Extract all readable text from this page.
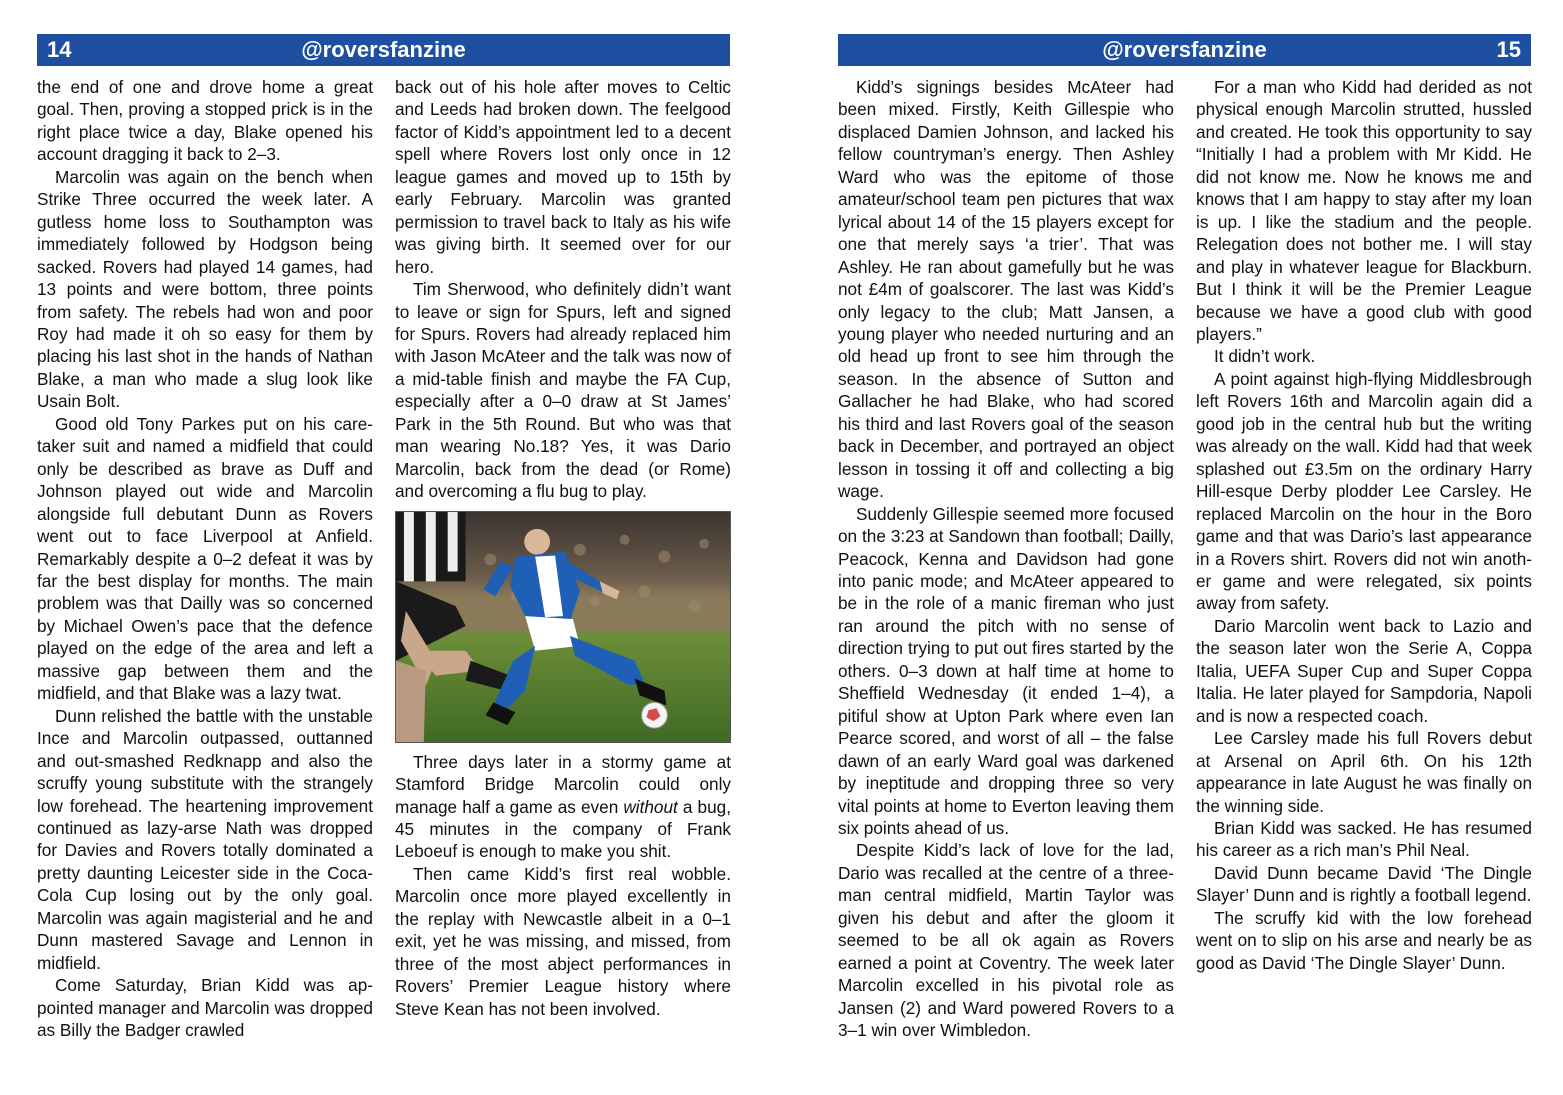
14	@roversfanzine	@roversfanzine	15

the end of one and drove home a great goal. Then, proving a stopped prick is in the right place twice a day, Blake opened his account dragging it back to 2–3.

Marcolin was again on the bench when Strike Three occurred the week later. A gutless home loss to Southampton was immediately followed by Hodgson being sacked. Rovers had played 14 games, had 13 points and were bottom, three points from safety. The rebels had won and poor Roy had made it oh so easy for them by placing his last shot in the hands of Nathan Blake, a man who made a slug look like Usain Bolt.

Good old Tony Parkes put on his caretaker suit and named a midfield that could only be described as brave as Duff and Johnson played out wide and Marcolin alongside full debutant Dunn as Rovers went out to face Liverpool at Anfield. Remarkably despite a 0–2 defeat it was by far the best display for months. The main problem was that Dailly was so concerned by Michael Owen’s pace that the defence played on the edge of the area and left a massive gap between them and the midfield, and that Blake was a lazy twat.

Dunn relished the battle with the unstable Ince and Marcolin outpassed, outtanned and out-smashed Redknapp and also the scruffy young substitute with the strangely low forehead. The heartening improvement continued as lazy-arse Nath was dropped for Davies and Rovers totally dominated a pretty daunting Leicester side in the Coca-Cola Cup losing out by the only goal. Marcolin was again magisterial and he and Dunn mastered Savage and Lennon in midfield.

Come Saturday, Brian Kidd was appointed manager and Marcolin was dropped as Billy the Badger crawled

back out of his hole after moves to Celtic and Leeds had broken down. The feelgood factor of Kidd’s appointment led to a decent spell where Rovers lost only once in 12 league games and moved up to 15th by early February. Marcolin was granted permission to travel back to Italy as his wife was giving birth. It seemed over for our hero.

Tim Sherwood, who definitely didn’t want to leave or sign for Spurs, left and signed for Spurs. Rovers had already replaced him with Jason McAteer and the talk was now of a mid-table finish and maybe the FA Cup, especially after a 0–0 draw at St James’ Park in the 5th Round. But who was that man wearing No.18? Yes, it was Dario Marcolin, back from the dead (or Rome) and overcoming a flu bug to play.

Three days later in a stormy game at Stamford Bridge Marcolin could only manage half a game as even without a bug, 45 minutes in the company of Frank Leboeuf is enough to make you shit.

Then came Kidd’s first real wobble. Marcolin once more played excellently in the replay with Newcastle albeit in a 0–1 exit, yet he was missing, and missed, from three of the most abject performances in Rovers’ Premier League history where Steve Kean has not been involved.

Kidd’s signings besides McAteer had been mixed. Firstly, Keith Gillespie who displaced Damien Johnson, and lacked his fellow countryman’s energy. Then Ashley Ward who was the epitome of those amateur/school team pen pictures that wax lyrical about 14 of the 15 players except for one that merely says ‘a trier’. That was Ashley. He ran about gamefully but he was not £4m of goalscorer. The last was Kidd’s only legacy to the club; Matt Jansen, a young player who needed nurturing and an old head up front to see him through the season. In the absence of Sutton and Gallacher he had Blake, who had scored his third and last Rovers goal of the season back in December, and portrayed an object lesson in tossing it off and collecting a big wage.

Suddenly Gillespie seemed more focused on the 3:23 at Sandown than football; Dailly, Peacock, Kenna and Davidson had gone into panic mode; and McAteer appeared to be in the role of a manic fireman who just ran around the pitch with no sense of direction trying to put out fires started by the others. 0–3 down at half time at home to Sheffield Wednesday (it ended 1–4), a pitiful show at Upton Park where even Ian Pearce scored, and worst of all – the false dawn of an early Ward goal was darkened by ineptitude and dropping three so very vital points at home to Everton leaving them six points ahead of us.

Despite Kidd’s lack of love for the lad, Dario was recalled at the centre of a three-man central midfield, Martin Taylor was given his debut and after the gloom it seemed to be all ok again as Rovers earned a point at Coventry. The week later Marcolin excelled in his pivotal role as Jansen (2) and Ward powered Rovers to a 3–1 win over Wimbledon.

For a man who Kidd had derided as not physical enough Marcolin strutted, hussled and created. He took this opportunity to say “Initially I had a problem with Mr Kidd. He did not know me. Now he knows me and knows that I am happy to stay after my loan is up. I like the stadium and the people. Relegation does not bother me. I will stay and play in whatever league for Blackburn. But I think it will be the Premier League because we have a good club with good players.”

It didn’t work.

A point against high-flying Middlesbrough left Rovers 16th and Marcolin again did a good job in the central hub but the writing was already on the wall. Kidd had that week splashed out £3.5m on the ordinary Harry Hill-esque Derby plodder Lee Carsley. He replaced Marcolin on the hour in the Boro game and that was Dario’s last appearance in a Rovers shirt. Rovers did not win another game and were relegated, six points away from safety.

Dario Marcolin went back to Lazio and the season later won the Serie A, Coppa Italia, UEFA Super Cup and Super Coppa Italia. He later played for Sampdoria, Napoli and is now a respected coach.

Lee Carsley made his full Rovers debut at Arsenal on April 6th. On his 12th appearance in late August he was finally on the winning side.

Brian Kidd was sacked. He has resumed his career as a rich man’s Phil Neal.

David Dunn became David ‘The Dingle Slayer’ Dunn and is rightly a football legend.

The scruffy kid with the low forehead went on to slip on his arse and nearly be as good as David ‘The Dingle Slayer’ Dunn.
